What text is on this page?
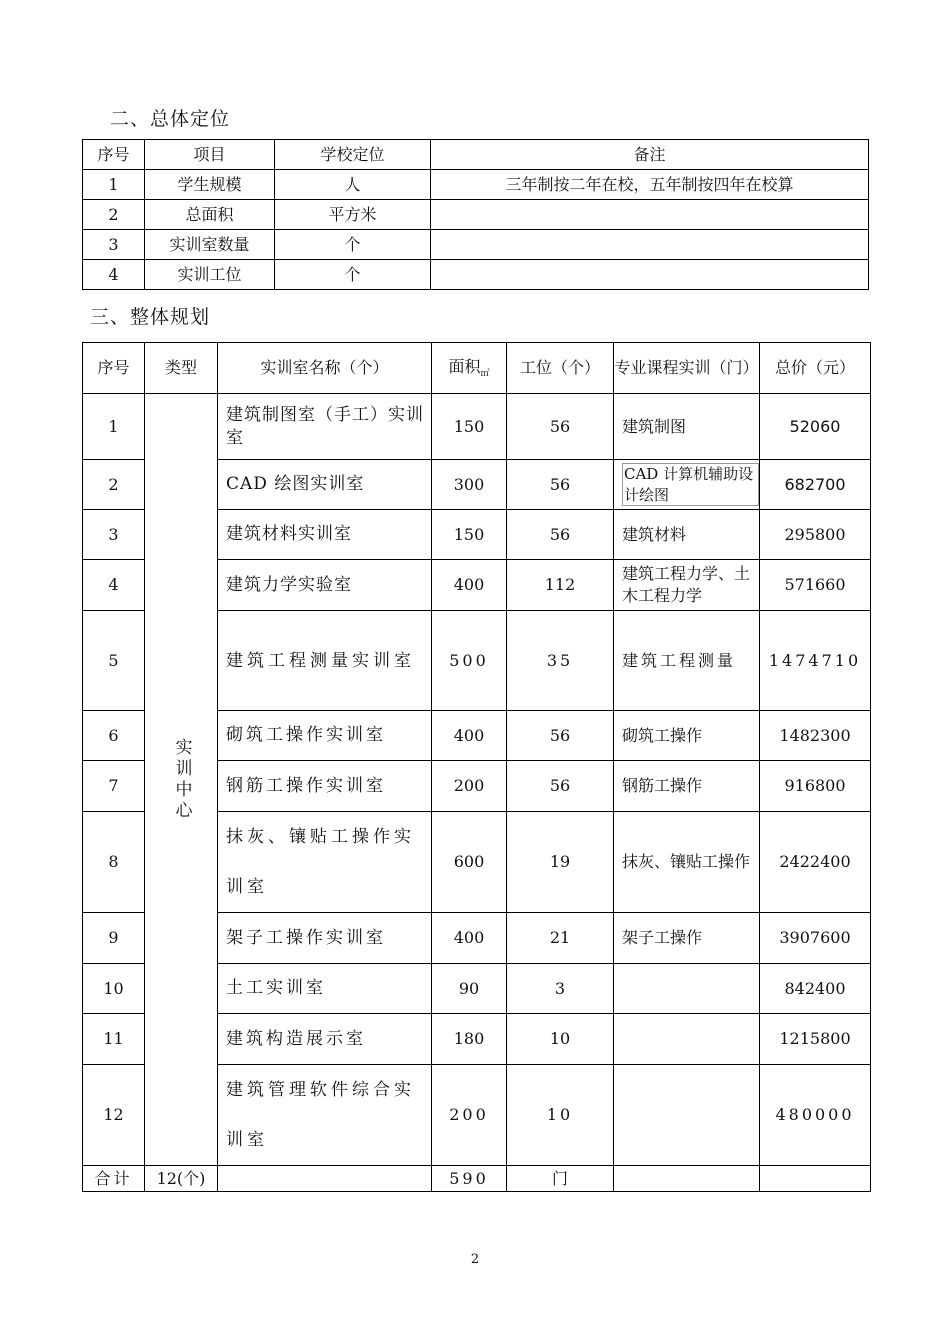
二、总体定位
序号	项目	学校定位	备注
1	学生规模	人	三年制按二年在校，五年制按四年在校算
2	总面积	平方米	
3	实训室数量	个	
4	实训工位	个	
三、整体规划
序号	类型	实训室名称（个）	面积$_㎡$	工位（个）	专业课程实训（门）	总价（元）
1	实训中心	建筑制图室（手工）实训室	150	56	建筑制图	52060
2		CAD 绘图实训室	300	56	CAD 计算机辅助设计绘图	682700
3		建筑材料实训室	150	56	建筑材料	295800
4		建筑力学实验室	400	112	建筑工程力学、土木工程力学	571660
5		建筑工程测量实训室	500	35	建筑工程测量	1474710
6		砌筑工操作实训室	400	56	砌筑工操作	1482300
7		钢筋工操作实训室	200	56	钢筋工操作	916800
8		抹灰、镶贴工操作实训室	600	19	抹灰、镶贴工操作	2422400
9		架子工操作实训室	400	21	架子工操作	3907600
10		土工实训室	90	3		842400
11		建筑构造展示室	180	10		1215800
12		建筑管理软件综合实训室	200	10		480000
合计	12(个)		590	门		
2
